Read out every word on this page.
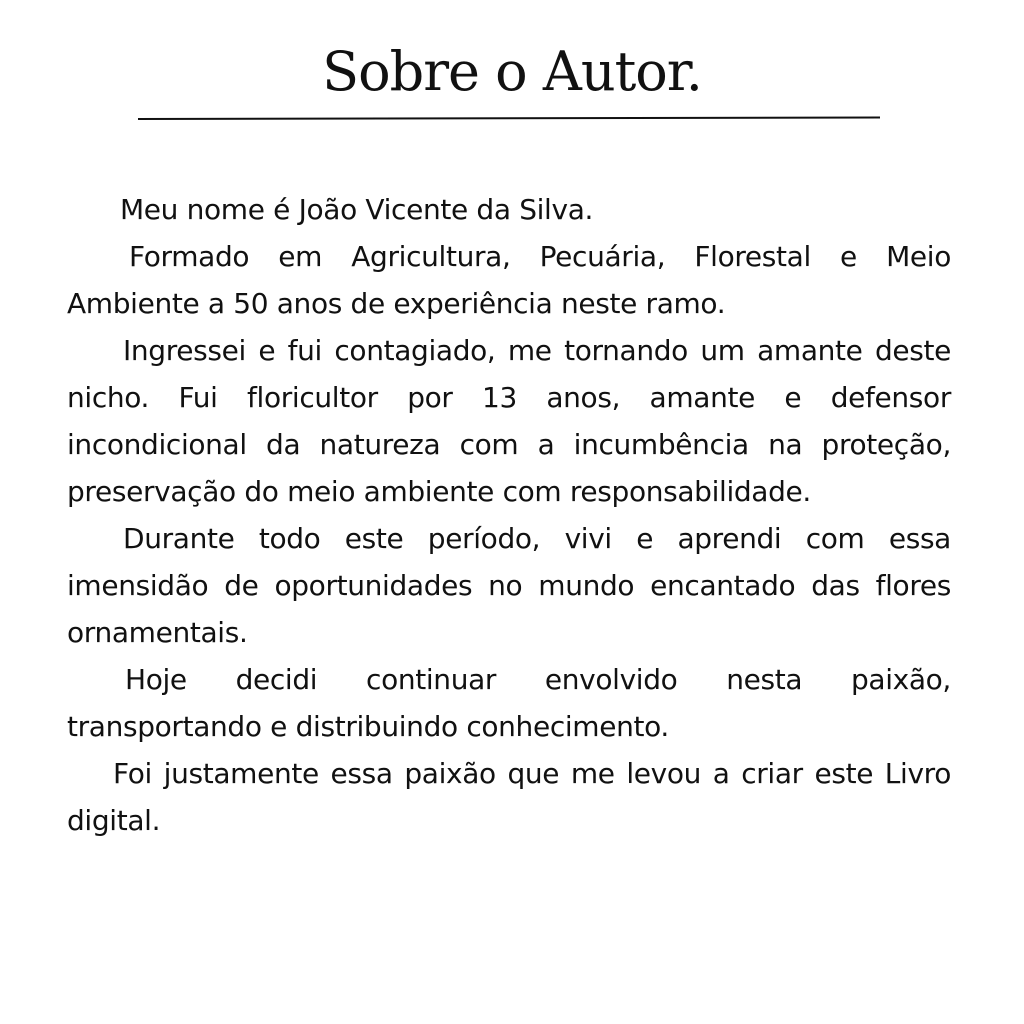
Sobre o Autor.

Meu nome é João Vicente da Silva.

Formado em Agricultura, Pecuária, Florestal e Meio Ambiente a 50 anos de experiência neste ramo.

Ingressei e fui contagiado, me tornando um amante deste nicho. Fui floricultor por 13 anos, amante e defensor incondicional da natureza com a incumbência na proteção, preservação do meio ambiente com responsabilidade.

Durante todo este período, vivi e aprendi com essa imensidão de oportunidades no mundo encantado das flores ornamentais.

Hoje decidi continuar envolvido nesta paixão, transportando e distribuindo conhecimento.

Foi justamente essa paixão que me levou a criar este Livro digital.
